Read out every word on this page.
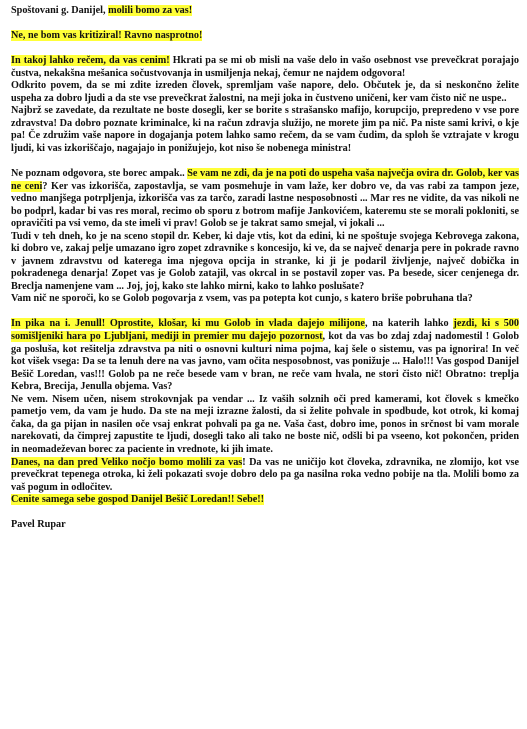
Spoštovani g. Danijel, molili bomo za vas!

Ne, ne bom vas kritiziral! Ravno nasprotno!

In takoj lahko rečem, da vas cenim! Hkrati pa se mi ob misli na vaše delo in vašo osebnost vse prevečkrat porajajo čustva, nekakšna mešanica sočustvovanja in usmiljenja nekaj, čemur ne najdem odgovora!

Odkrito povem, da se mi zdite izreden človek, spremljam vaše napore, delo. Občutek je, da si neskončno želite uspeha za dobro ljudi a da ste vse prevečkrat žalostni, na meji joka in čustveno uničeni, ker vam čisto nič ne uspe..

Najbrž se zavedate, da rezultate ne boste dosegli, ker se borite s strašansko mafijo, korupcijo, prepredeno v vse pore zdravstva! Da dobro poznate kriminalce, ki na račun zdravja služijo, ne morete jim pa nič. Pa niste sami krivi, o kje pa! Če združim vaše napore in dogajanja potem lahko samo rečem, da se vam čudim, da sploh še vztrajate v krogu ljudi, ki vas izkoriščajo, nagajajo in ponižujejo, kot niso še nobenega ministra!

Ne poznam odgovora, ste borec ampak.. Se vam ne zdi, da je na poti do uspeha vaša največja ovira dr. Golob, ker vas ne ceni? Ker vas izkorišča, zapostavlja, se vam posmehuje in vam laže, ker dobro ve, da vas rabi za tampon jeze, vedno manjšega potrpljenja, izkorišča vas za tarčo, zaradi lastne nesposobnosti ... Mar res ne vidite, da vas nikoli ne bo podprl, kadar bi vas res moral, recimo ob sporu z botrom mafije Jankovićem, kateremu ste se morali pokloniti, se opravičiti pa vsi vemo, da ste imeli vi prav! Golob se je takrat samo smejal, vi jokali ...

Tudi v teh dneh, ko je na sceno stopil dr. Keber, ki daje vtis, kot da edini, ki ne spoštuje svojega Kebrovega zakona, ki dobro ve, zakaj pelje umazano igro zopet zdravnike s koncesijo, ki ve, da se največ denarja pere in pokrade ravno v javnem zdravstvu od katerega ima njegova opcija in stranke, ki ji je podaril življenje, največ dobička in pokradenega denarja! Zopet vas je Golob zatajil, vas okrcal in se postavil zoper vas. Pa besede, sicer cenjenega dr. Breclja namenjene vam ... Joj, joj, kako ste lahko mirni, kako to lahko poslušate?

Vam nič ne sporoči, ko se Golob pogovarja z vsem, vas pa potepta kot cunjo, s katero briše pobruhana tla?

In pika na i. Jenull! Oprostite, klošar, ki mu Golob in vlada dajejo milijone, na katerih lahko jezdi, ki s 500 somišljeniki hara po Ljubljani, mediji in premier mu dajejo pozornost, kot da vas bo zdaj zdaj nadomestil ! Golob ga posluša, kot rešitelja zdravstva pa niti o osnovni kulturi nima pojma, kaj šele o sistemu, vas pa ignorira! In več kot višek vsega: Da se ta lenuh dere na vas javno, vam očita nesposobnost, vas ponižuje ... Halo!!! Vas gospod Danijel Bešič Loredan, vas!!! Golob pa ne reče besede vam v bran, ne reče vam hvala, ne stori čisto nič! Obratno: treplja Kebra, Brecija, Jenulla objema. Vas?

Ne vem. Nisem učen, nisem strokovnjak pa vendar ... Iz vaših solznih oči pred kamerami, kot človek s kmečko pametjo vem, da vam je hudo. Da ste na meji izrazne žalosti, da si želite pohvale in spodbude, kot otrok, ki komaj čaka, da ga pijan in nasilen oče vsaj enkrat pohvali pa ga ne. Vaša čast, dobro ime, ponos in srčnost bi vam morale narekovati, da čimprej zapustite te ljudi, dosegli tako ali tako ne boste nič, odšli bi pa vseeno, kot pokončen, priden in neomadeževan borec za paciente in vrednote, ki jih imate.

Danes, na dan pred Veliko nočjo bomo molili za vas! Da vas ne uničijo kot človeka, zdravnika, ne zlomijo, kot vse prevečkrat tepenega otroka, ki želi pokazati svoje dobro delo pa ga nasilna roka vedno pobije na tla. Molili bomo za vaš pogum in odločitev.

Cenite samega sebe gospod Danijel Bešič Loredan!! Sebe!!

Pavel Rupar
